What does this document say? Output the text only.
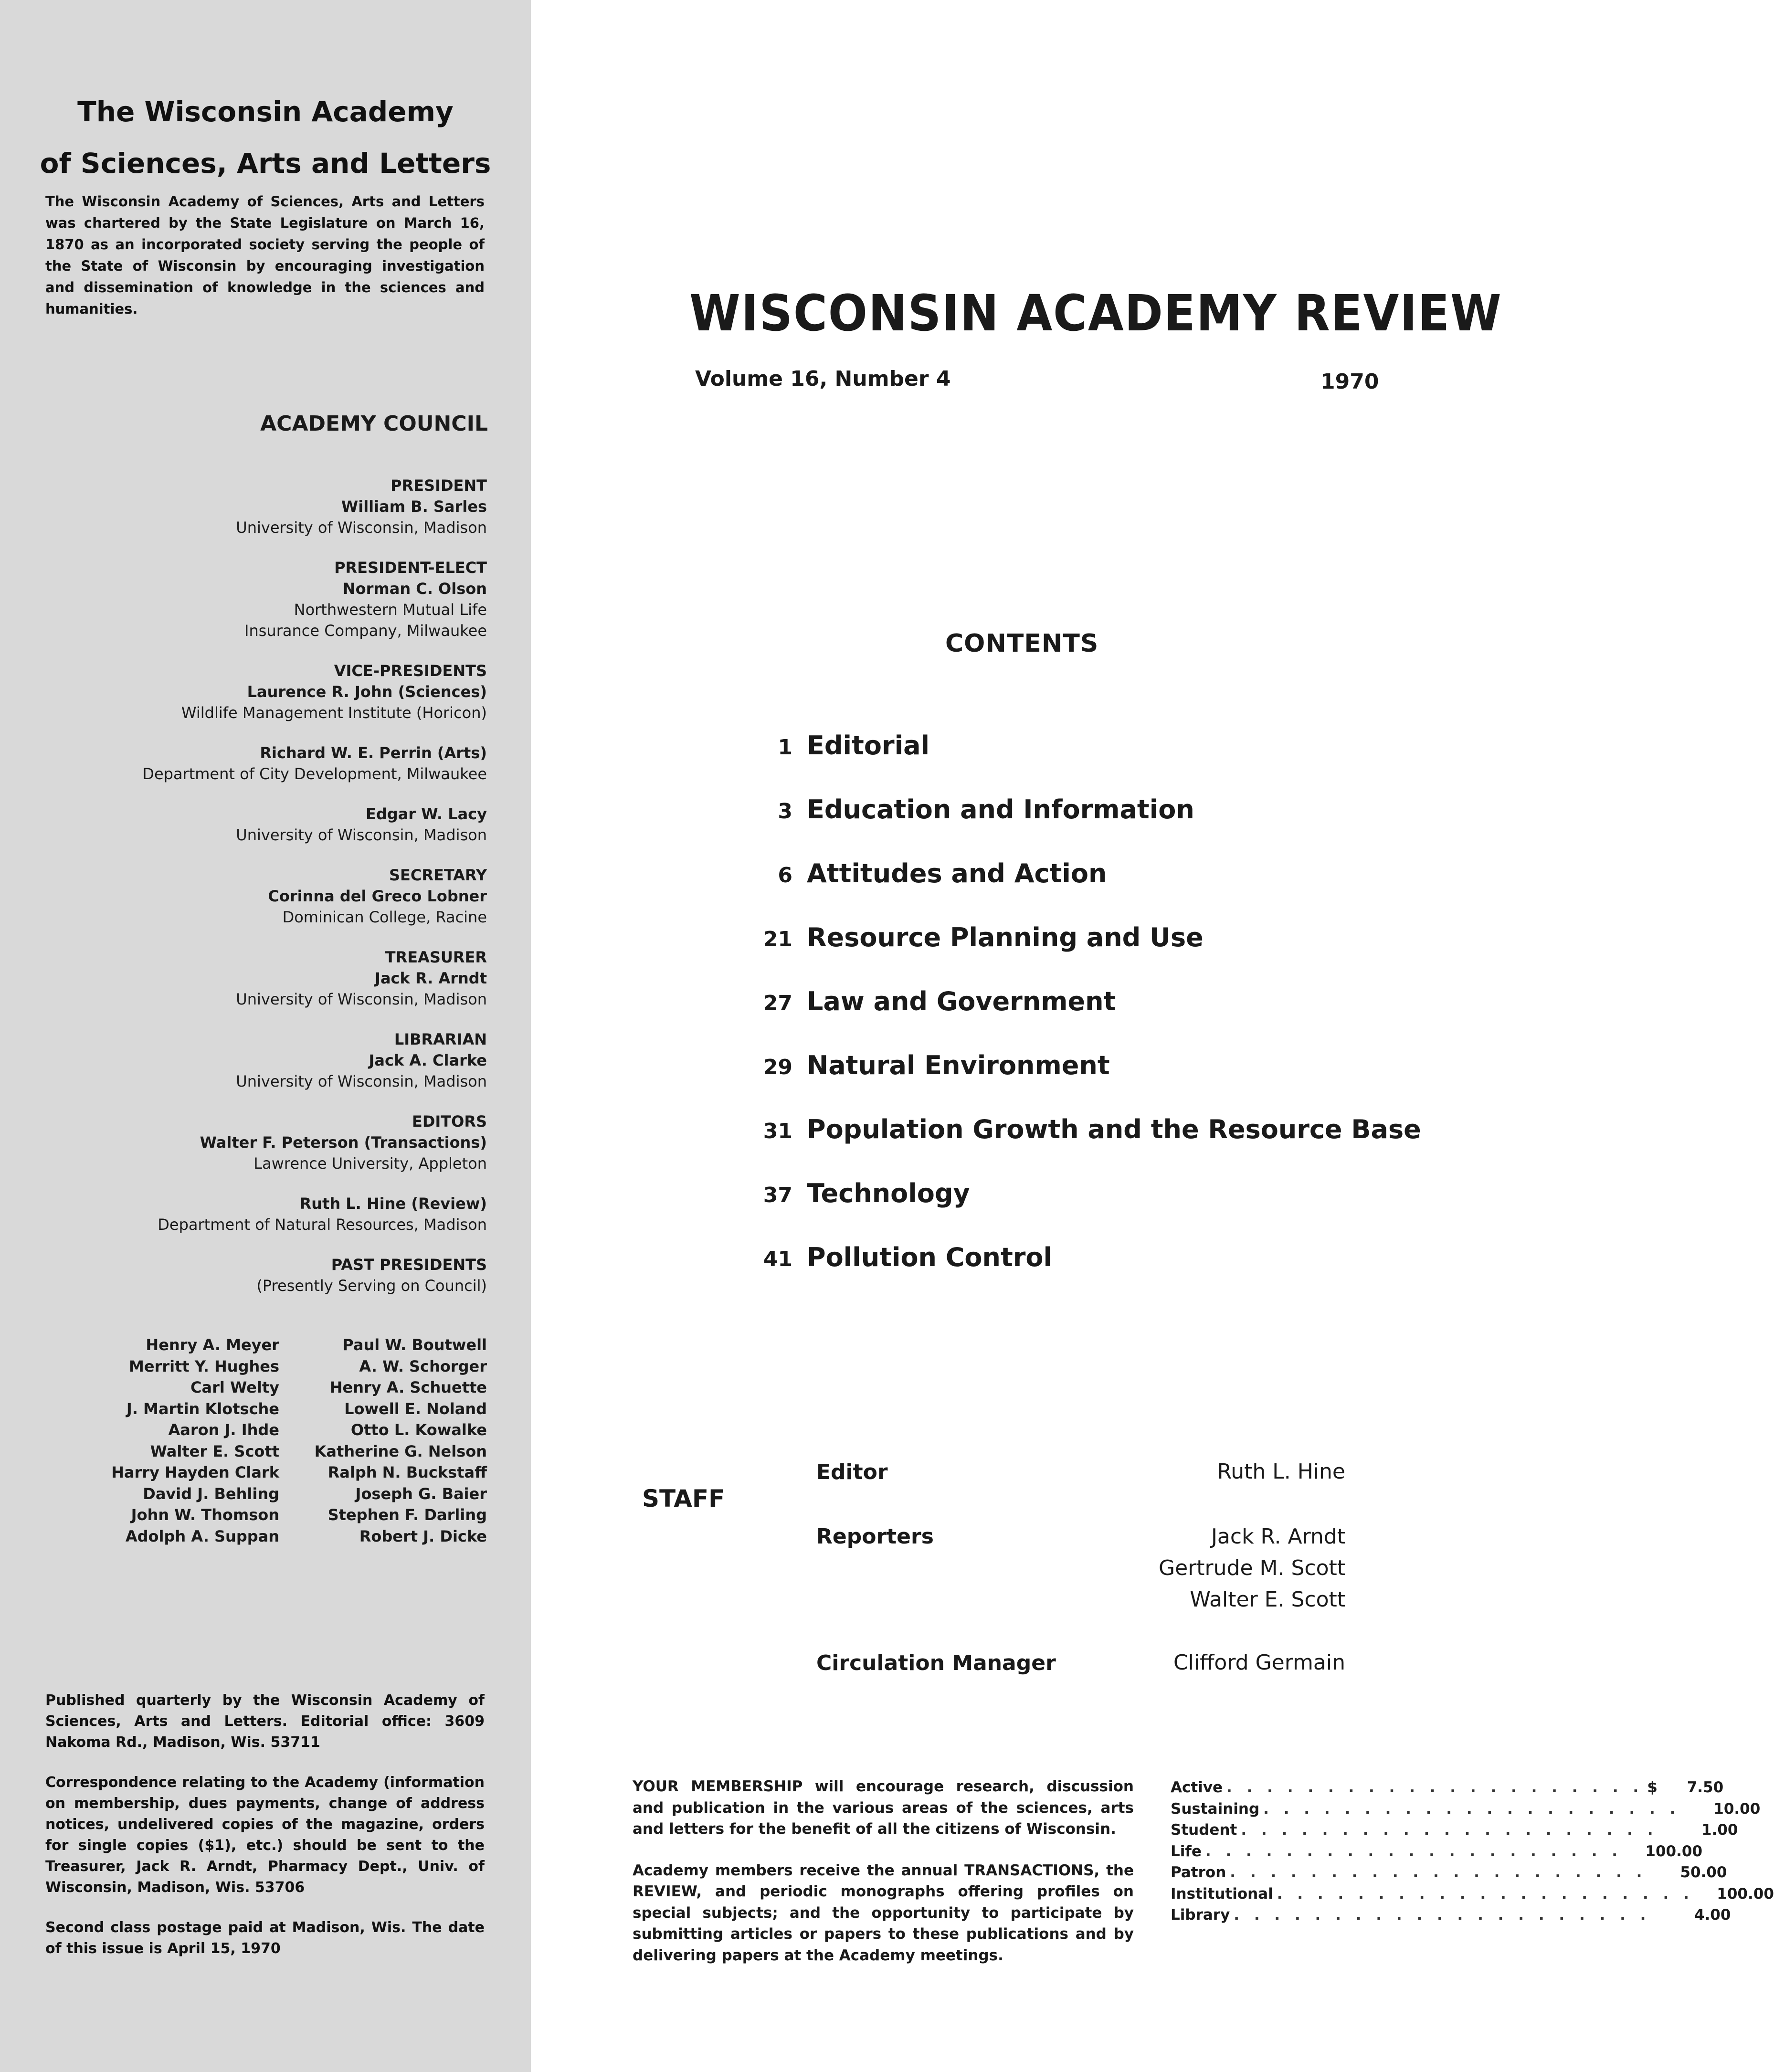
The Wisconsin Academy
of Sciences, Arts and Letters
The Wisconsin Academy of Sciences, Arts and Letters was chartered by the State Legislature on March 16, 1870 as an incorporated society serving the people of the State of Wisconsin by encouraging investigation and dissemination of knowledge in the sciences and humanities.
ACADEMY COUNCIL
PRESIDENT
William B. Sarles
University of Wisconsin, Madison
PRESIDENT-ELECT
Norman C. Olson
Northwestern Mutual Life
Insurance Company, Milwaukee
VICE-PRESIDENTS
Laurence R. John (Sciences)
Wildlife Management Institute (Horicon)
Richard W. E. Perrin (Arts)
Department of City Development, Milwaukee
Edgar W. Lacy
University of Wisconsin, Madison
SECRETARY
Corinna del Greco Lobner
Dominican College, Racine
TREASURER
Jack R. Arndt
University of Wisconsin, Madison
LIBRARIAN
Jack A. Clarke
University of Wisconsin, Madison
EDITORS
Walter F. Peterson (Transactions)
Lawrence University, Appleton
Ruth L. Hine (Review)
Department of Natural Resources, Madison
PAST PRESIDENTS
(Presently Serving on Council)
Henry A. Meyer
Merritt Y. Hughes
Carl Welty
J. Martin Klotsche
Aaron J. Ihde
Walter E. Scott
Harry Hayden Clark
David J. Behling
John W. Thomson
Adolph A. Suppan
Paul W. Boutwell
A. W. Schorger
Henry A. Schuette
Lowell E. Noland
Otto L. Kowalke
Katherine G. Nelson
Ralph N. Buckstaff
Joseph G. Baier
Stephen F. Darling
Robert J. Dicke

Published quarterly by the Wisconsin Academy of Sciences, Arts and Letters. Editorial office: 3609 Nakoma Rd., Madison, Wis. 53711

Correspondence relating to the Academy (information on membership, dues payments, change of address notices, undelivered copies of the magazine, orders for single copies ($1), etc.) should be sent to the Treasurer, Jack R. Arndt, Pharmacy Dept., Univ. of Wisconsin, Madison, Wis. 53706

Second class postage paid at Madison, Wis. The date of this issue is April 15, 1970

WISCONSIN ACADEMY REVIEW
Volume 16, Number 4	1970
CONTENTS
1 Editorial
3 Education and Information
6 Attitudes and Action
21 Resource Planning and Use
27 Law and Government
29 Natural Environment
31 Population Growth and the Resource Base
37 Technology
41 Pollution Control
STAFF
Editor	Ruth L. Hine
Reporters	Jack R. Arndt
Gertrude M. Scott
Walter E. Scott
Circulation Manager	Clifford Germain

YOUR MEMBERSHIP will encourage research, discussion and publication in the various areas of the sciences, arts and letters for the benefit of all the citizens of Wisconsin.

Academy members receive the annual TRANSACTIONS, the REVIEW, and periodic monographs offering profiles on special subjects; and the opportunity to participate by submitting articles or papers to these publications and by delivering papers at the Academy meetings.

Active . . . . . . . . . . . . . . . . . . . . . $ 7.50
Sustaining . . . . . . . . . . . . . . . . . . . . . 10.00
Student . . . . . . . . . . . . . . . . . . . . .	1.00
Life . . . . . . . . . . . . . . . . . . . . . 100.00
Patron . . . . . . . . . . . . . . . . . . . . . 50.00
Institutional . . . . . . . . . . . . . . . . . . . . . 100.00
Library . . . . . . . . . . . . . . . . . . . . .	4.00
